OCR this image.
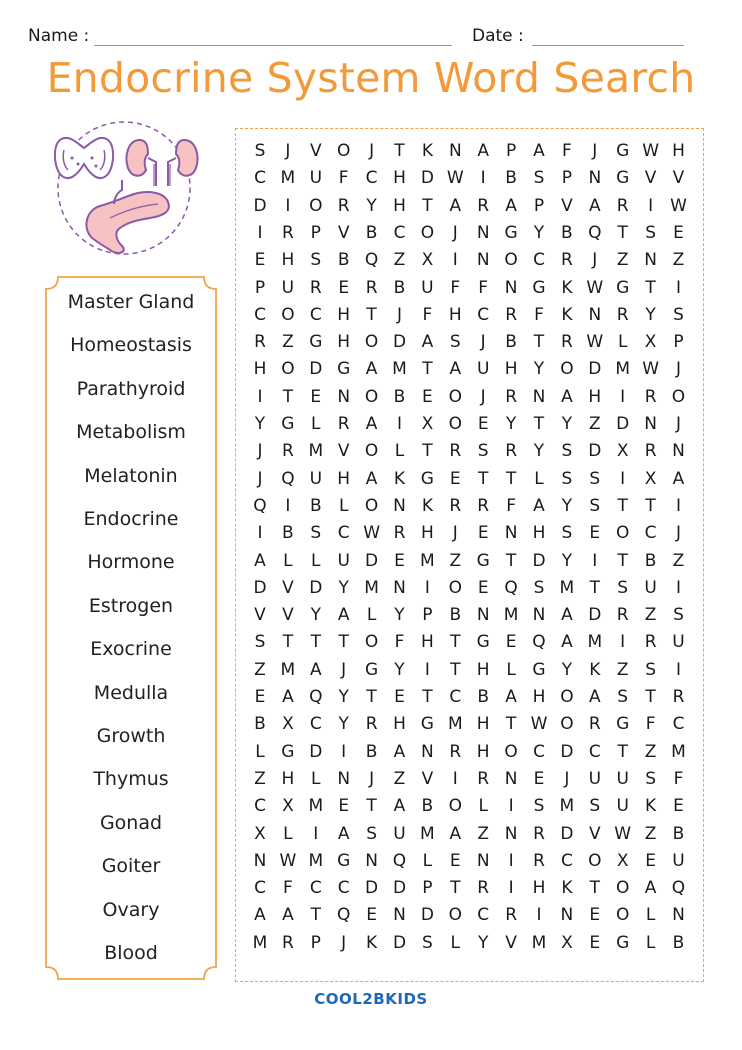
Name :	Date :
Endocrine System Word Search
Master Gland
Homeostasis
Parathyroid
Metabolism
Melatonin
Endocrine
Hormone
Estrogen
Exocrine
Medulla
Growth
Thymus
Gonad
Goiter
Ovary
Blood
S	J	V O	J	T	K N A P A	F	J	G W H
C M U F	C H D W I	B S	P N G V V
D	I	O R Y H T A R A P V A R	I	W
I	R P V B C O	J	N G Y B Q T	S	E
E H S B Q Z X	I	N O C R	J	Z N Z
P U R E R B U F	F N G K W G T	I
C O C H T	J	F H C R	F	K N R Y	S
R Z G H O D A S	J	B T R W L	X P
H O D G A M T A U H Y O D M W J
I	T	E N O B E O	J	R N A H	I	R O
Y G L	R A	I	X O E	Y	T	Y Z D N	J
J	R M V O L	T R S R Y	S D X R N
J	Q U H A K G E	T	T	L	S	S	I	X A
Q	I	B	L O N K R R	F	A Y	S	T	T	I
I	B S C W R H	J	E N H S	E O C	J
A	L	L U D E M Z G T D Y	I	T B Z
D V D Y M N	I	O E Q S M T	S U	I
V V Y A	L	Y	P B N M N A D R Z S
S	T	T	T O F H T G E Q A M	I	R U
Z M A	J	G Y	I	T H L G Y	K Z S	I
E A Q Y	T	E	T C B A H O A S	T R
B X C Y R H G M H T W O R G F	C
L G D	I	B A N R H O C D C T Z M
Z H L N	J	Z V	I	R N E	J	U U S	F
C X M E	T A B O L	I	S M S U K E
X	L	I	A S U M A Z N R D V W Z B
N W M G N Q L	E N	I	R C O X E U
C	F	C C D D P	T R	I	H K	T O A Q
A A T Q E N D O C R	I	N E O L N
M R P	J	K D S	L	Y V M X E G L	B
COOL2BKIDS
